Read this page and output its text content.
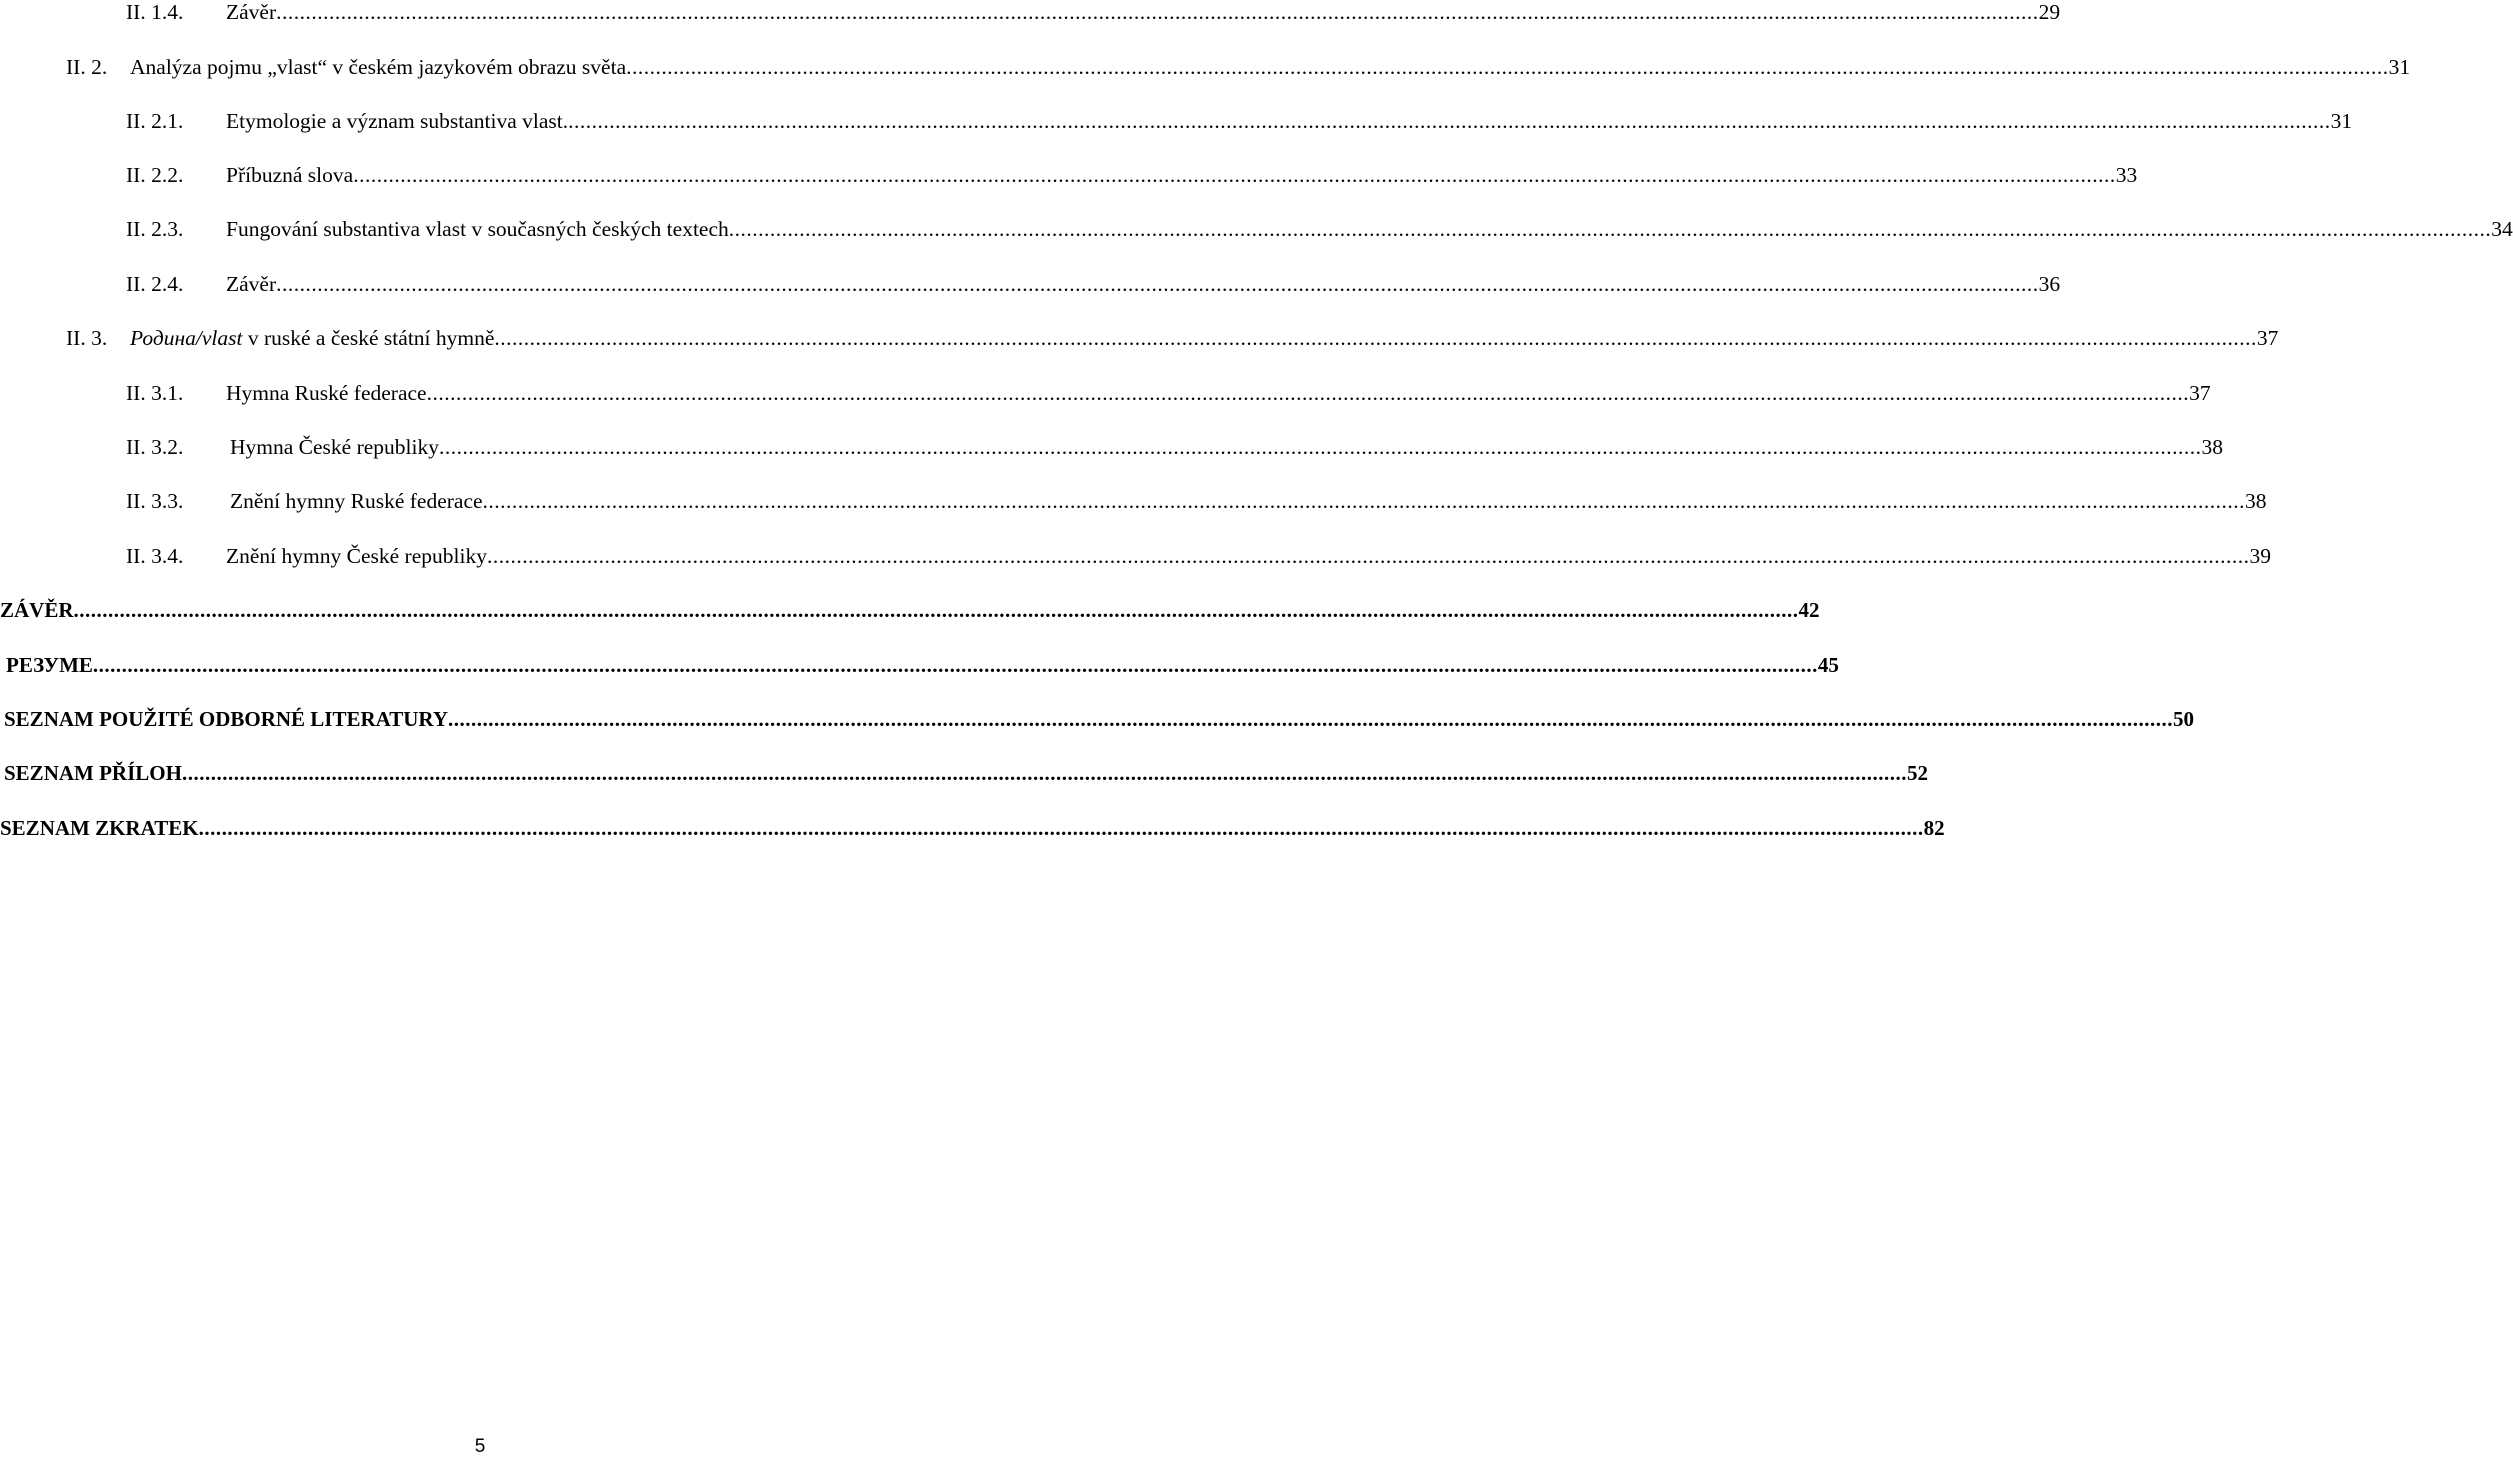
II. 1.4. Závěr ............................................................................................................................................................................................................................................................................................................ 29
II. 2. Analýza pojmu „vlast“ v českém jazykovém obrazu světa ............................................................................................................................................................................................................................................................................................................ 31
II. 2.1. Etymologie a význam substantiva vlast. ............................................................................................................................................................................................................................................................................................................ 31
II. 2.2. Příbuzná slova ............................................................................................................................................................................................................................................................................................................ 33
II. 2.3. Fungování substantiva vlast v současných českých textech ............................................................................................................................................................................................................................................................................................................ 34
II. 2.4. Závěr ............................................................................................................................................................................................................................................................................................................ 36
II. 3. Родина/vlast v ruské a české státní hymně ............................................................................................................................................................................................................................................................................................................ 37
II. 3.1. Hymna Ruské federace ............................................................................................................................................................................................................................................................................................................ 37
II. 3.2. Hymna České republiky ............................................................................................................................................................................................................................................................................................................ 38
II. 3.3. Znění hymny Ruské federace ............................................................................................................................................................................................................................................................................................................ 38
II. 3.4. Znění hymny České republiky ............................................................................................................................................................................................................................................................................................................ 39
ZÁVĚR ............................................................................................................................................................................................................................................................................................................ 42
РЕЗУМЕ ............................................................................................................................................................................................................................................................................................................ 45
SEZNAM POUŽITÉ ODBORNÉ LITERATURY ............................................................................................................................................................................................................................................................................................................ 50
SEZNAM PŘÍLOH ............................................................................................................................................................................................................................................................................................................ 52
SEZNAM ZKRATEK ............................................................................................................................................................................................................................................................................................................ 82
5
